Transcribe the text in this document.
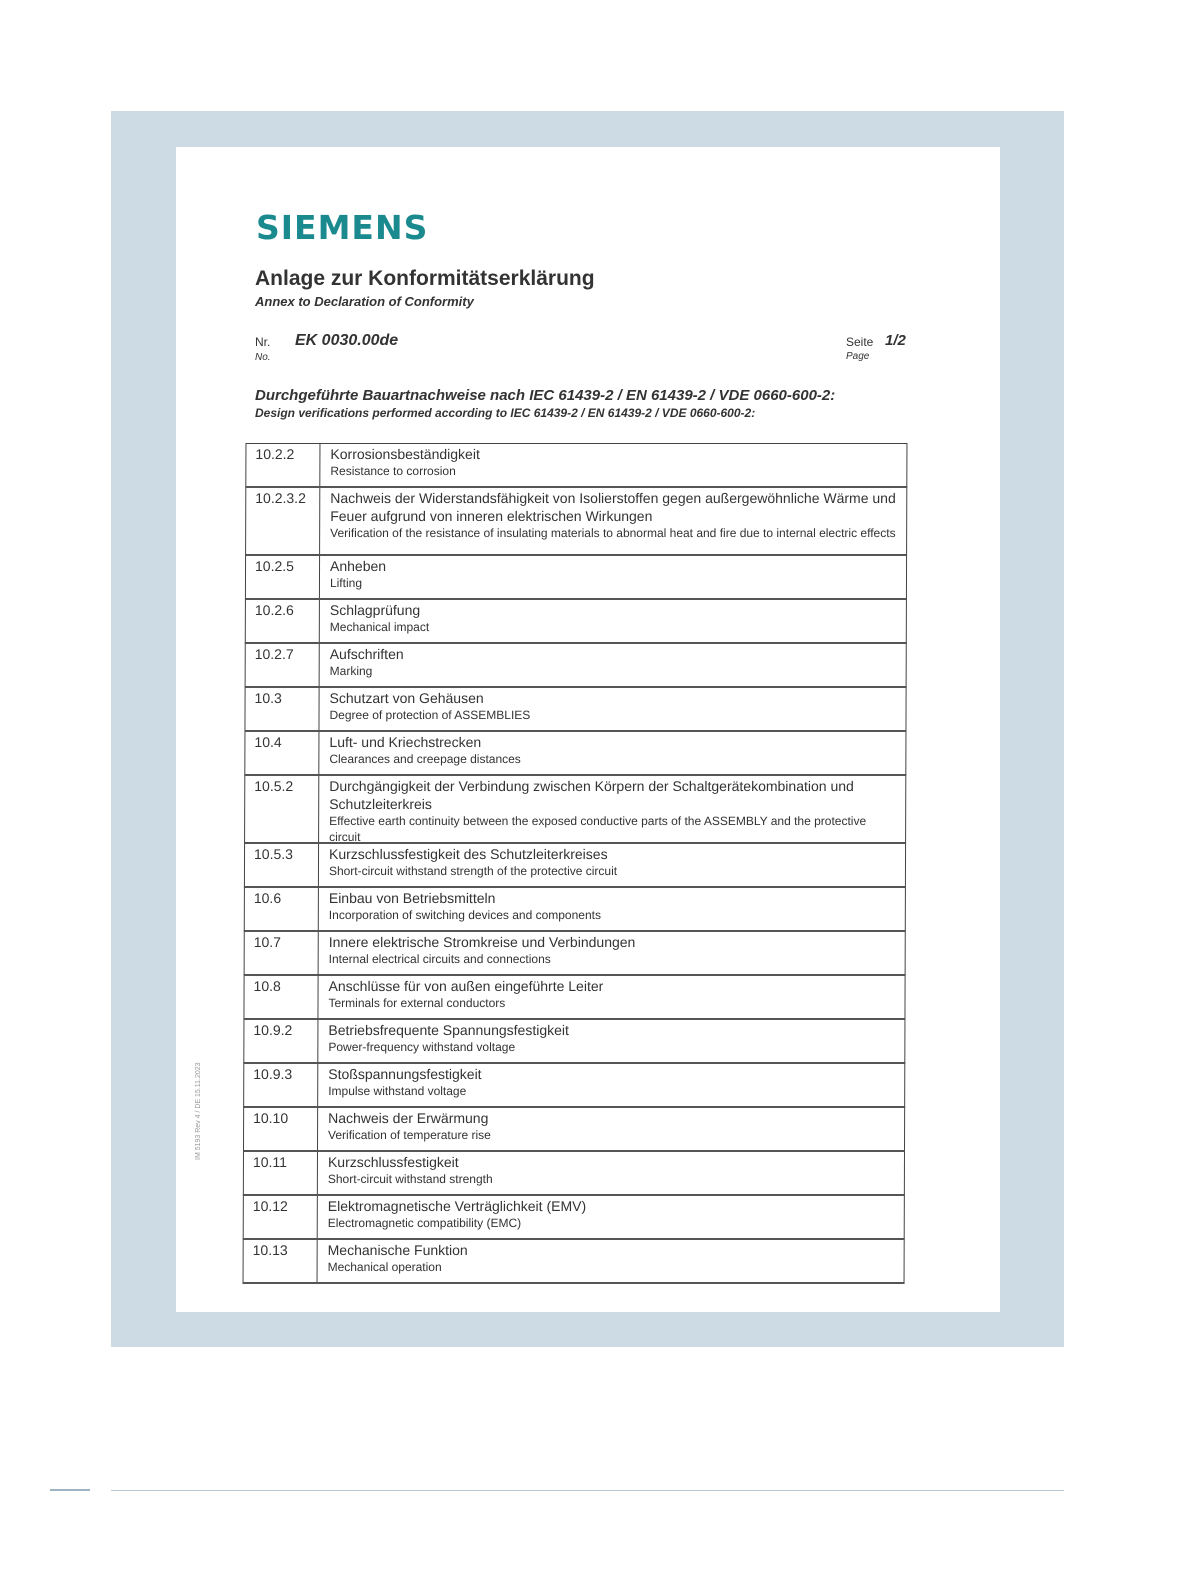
SIEMENS
Anlage zur Konformitätserklärung
Annex to Declaration of Conformity
Nr.
No.
EK 0030.00de	Seite 1/2
Page
Durchgeführte Bauartnachweise nach IEC 61439-2 / EN 61439-2 / VDE 0660-600-2:
Design verifications performed according to IEC 61439-2 / EN 61439-2 / VDE 0660-600-2:
10.2.2	Korrosionsbeständigkeit
Resistance to corrosion
10.2.3.2	Nachweis der Widerstandsfähigkeit von Isolierstoffen gegen außergewöhnliche Wärme und Feuer aufgrund von inneren elektrischen Wirkungen
Verification of the resistance of insulating materials to abnormal heat and fire due to internal electric effects
10.2.5	Anheben
Lifting
10.2.6	Schlagprüfung
Mechanical impact
10.2.7	Aufschriften
Marking
10.3	Schutzart von Gehäusen
Degree of protection of ASSEMBLIES
10.4	Luft- und Kriechstrecken
Clearances and creepage distances
10.5.2	Durchgängigkeit der Verbindung zwischen Körpern der Schaltgerätekombination und Schutzleiterkreis
Effective earth continuity between the exposed conductive parts of the ASSEMBLY and the protective circuit
10.5.3	Kurzschlussfestigkeit des Schutzleiterkreises
Short-circuit withstand strength of the protective circuit
10.6	Einbau von Betriebsmitteln
Incorporation of switching devices and components
10.7	Innere elektrische Stromkreise und Verbindungen
Internal electrical circuits and connections
10.8	Anschlüsse für von außen eingeführte Leiter
Terminals for external conductors
10.9.2	Betriebsfrequente Spannungsfestigkeit
Power-frequency withstand voltage
10.9.3	Stoßspannungsfestigkeit
Impulse withstand voltage
10.10	Nachweis der Erwärmung
Verification of temperature rise
10.11	Kurzschlussfestigkeit
Short-circuit withstand strength
10.12	Elektromagnetische Verträglichkeit (EMV)
Electromagnetic compatibility (EMC)
10.13	Mechanische Funktion
Mechanical operation
IM 5193 Rev 4 / DE 15.11.2023
